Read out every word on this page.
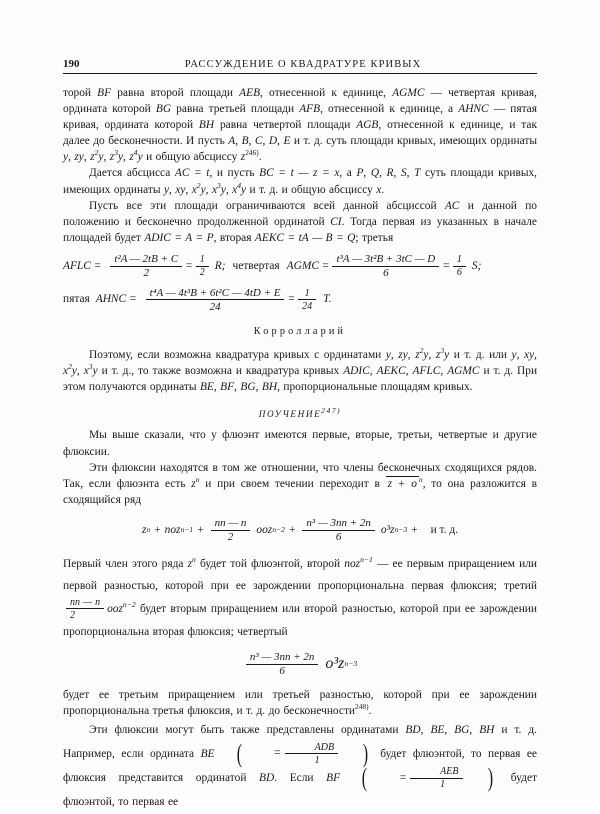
190	РАССУЖДЕНИЕ О КВАДРАТУРЕ КРИВЫХ

торой BF равна второй площади AEB, отнесенной к единице, AGMC — четвертая кривая, ордината которой BG равна третьей площади AFB, отнесенной к единице, а AHNC — пятая кривая, ордината которой BH равна четвертой площади AGB, отнесенной к единице, и так далее до бесконечности. И пусть A, B, C, D, E и т. д. суть площади кривых, имеющих ординаты y, zy, $z^2y$, $z^3y$, $z^4y$ и общую абсциссу z$^{246)}$.

Дается абсцисса AC = t, и пусть BC = t — z = x, а P, Q, R, S, T суть площади кривых, имеющих ординаты y, xy, $x^2y$, $x^3y$, $x^4y$ и т. д. и общую абсциссу x.

Пусть все эти площади ограничиваются всей данной абсциссой AC и данной по положению и бесконечно продолженной ординатой CI. Тогда первая из указанных в начале площадей будет ADIC = A = P, вторая AEKC = tA — B = Q; третья

AFLC = $\frac{\text{t²A — 2tB + C}}{2} = \frac{1}{2} R$; четвертая AGMC = $\frac{\text{t³A — 3t²B + 3tC — D}}{6} = \frac{1}{6} S$;
пятая AHNC = $\frac{\text{t⁴A — 4t³B + 6t²C — 4tD + E}}{24} = \frac{1}{24} T$.
Корролларий

Поэтому, если возможна квадратура кривых с ординатами y, zy, $z^2y$, $z^3y$ и т. д. или y, xy, $x^2y$, $x^3y$ и т. д., то также возможна и квадратура кривых ADIC, AEKC, AFLC, AGMC и т. д. При этом получаются ординаты BE, BF, BG, BH, пропорциональные площадям кривых.

ПОУЧЕНИЕ$^{247)}$

Мы выше сказали, что у флюэнт имеются первые, вторые, третьи, четвертые и другие флюксии.

Эти флюксии находятся в том же отношении, что члены бесконечных сходящихся рядов. Так, если флюэнта есть $z^n$ и при своем течении переходит в z + o $^n$, то она разложится в сходящийся ряд

z n + noz $n-1 + \frac{nn — n}{2}$ ooz $n-2 + \frac{\text{n³ — 3nn + 2n}}{6} o^3z$ n−3 + и т. д.

Первый член этого ряда $z^n$ будет той флюэнтой, второй noz$^{n-1}$ — ее первым приращением или первой разностью, которой при ее зарождении пропорциональна первая флюксия; третий
$\frac{nn — n}{2} ooz^{n-2}$ будет вторым приращением или второй разностью, которой при ее зарождении пропорциональна вторая флюксия; четвертый

$\frac{\text{n³ — 3nn + 2n}}{6} o^3z$ n−3

будет ее третьим приращением или третьей разностью, которой при ее зарождении пропорциональна третья флюксия, и т. д. до бесконечности$^{248)}$.

Эти флюксии могут быть также представлены ординатами BD, BE, BG, BH и т. д. Например, если ордината BE (	= $\frac{\text{ADB}}{1}$ ) будет флюэнтой, то первая ее флюксия представится ординатой BD. Если BF (	= $\frac{\text{AEB}}{1}$ ) будет флюэнтой, то первая ее
